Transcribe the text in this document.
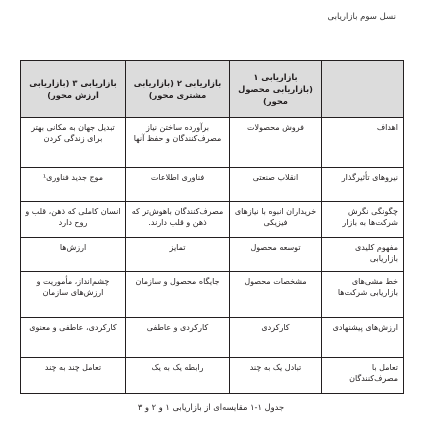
نسل سوم بازاریابی
	بازاریابی ۱ (بازاریابی محصول محور)	بازاریابی ۲ (بازاریابی مشتری محور)	بازاریابی ۳ (بازاریابی ارزش محور)
اهداف	فروش محصولات	برآورده ساختن نیاز مصرف‌کنندگان و حفظ آنها	تبدیل جهان به مکانی بهتر برای زندگی کردن
نیروهای تأثیرگذار	انقلاب صنعتی	فناوری اطلاعات	موج جدید فناوری¹
چگونگی نگرش شرکت‌ها به بازار	خریداران انبوه با نیازهای فیزیکی	مصرف‌کنندگان باهوش‌تر که ذهن و قلب دارند.	انسان کاملی که ذهن، قلب و روح دارد
مفهوم کلیدی بازاریابی	توسعه محصول	تمایز	ارزش‌ها
خط مشی‌های بازاریابی شرکت‌ها	مشخصات محصول	جایگاه محصول و سازمان	چشم‌انداز، مأموریت و ارزش‌های سازمان
ارزش‌های پیشنهادی	کارکردی	کارکردی و عاطفی	کارکردی، عاطفی و معنوی
تعامل با مصرف‌کنندگان	تبادل یک به چند	رابطه یک به یک	تعامل چند به چند
جدول ۱-۱ مقایسه‌ای از بازاریابی ۱ و ۲ و ۳
